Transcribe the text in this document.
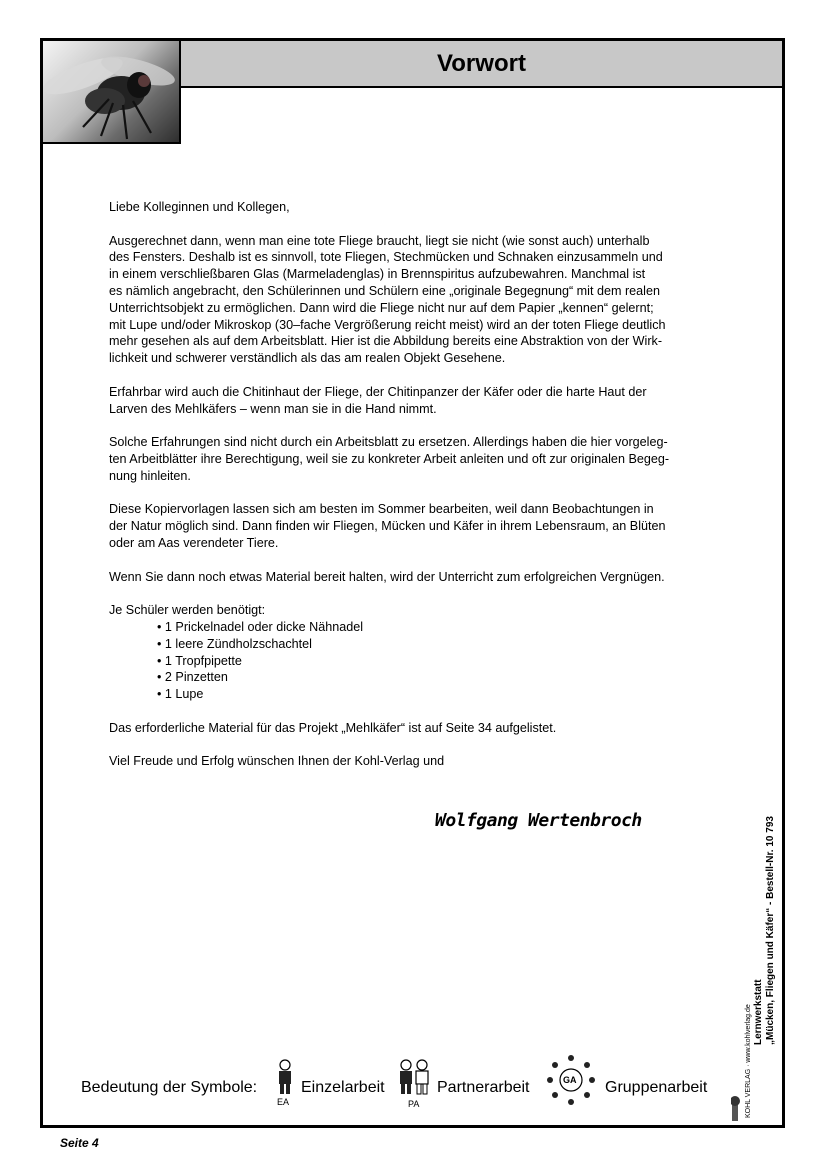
Vorwort

Liebe Kolleginnen und Kollegen,

Ausgerechnet dann, wenn man eine tote Fliege braucht, liegt sie nicht (wie sonst auch) unterhalb
des Fensters. Deshalb ist es sinnvoll, tote Fliegen, Stechmücken und Schnaken einzusammeln und
in einem verschließbaren Glas (Marmeladenglas) in Brennspiritus aufzubewahren. Manchmal ist
es nämlich angebracht, den Schülerinnen und Schülern eine „originale Begegnung“ mit dem realen
Unterrichtsobjekt zu ermöglichen. Dann wird die Fliege nicht nur auf dem Papier „kennen“ gelernt;
mit Lupe und/oder Mikroskop (30–fache Vergrößerung reicht meist) wird an der toten Fliege deutlich
mehr gesehen als auf dem Arbeitsblatt. Hier ist die Abbildung bereits eine Abstraktion von der Wirk-
lichkeit und schwerer verständlich als das am realen Objekt Gesehene.

Erfahrbar wird auch die Chitinhaut der Fliege, der Chitinpanzer der Käfer oder die harte Haut der
Larven des Mehlkäfers – wenn man sie in die Hand nimmt.

Solche Erfahrungen sind nicht durch ein Arbeitsblatt zu ersetzen. Allerdings haben die hier vorgeleg-
ten Arbeitblätter ihre Berechtigung, weil sie zu konkreter Arbeit anleiten und oft zur originalen Begeg-
nung hinleiten.

Diese Kopiervorlagen lassen sich am besten im Sommer bearbeiten, weil dann Beobachtungen in
der Natur möglich sind. Dann finden wir Fliegen, Mücken und Käfer in ihrem Lebensraum, an Blüten
oder am Aas verendeter Tiere.

Wenn Sie dann noch etwas Material bereit halten, wird der Unterricht zum erfolgreichen Vergnügen.

Je Schüler werden benötigt:

• 1 Prickelnadel oder dicke Nähnadel
• 1 leere Zündholzschachtel
• 1 Tropfpipette
• 2 Pinzetten
• 1 Lupe

Das erforderliche Material für das Projekt „Mehlkäfer“ ist auf Seite 34 aufgelistet.

Viel Freude und Erfolg wünschen Ihnen der Kohl-Verlag und

Wolfgang Wertenbroch
Bedeutung der Symbole:
EA
Einzelarbeit
PA
Partnerarbeit	GA Gruppenarbeit	KOHL VERLAG · www.kohlverlag.de Lernwerkstatt „Mücken, Fliegen und Käfer“ - Bestell-Nr. 10 793
Seite 4
